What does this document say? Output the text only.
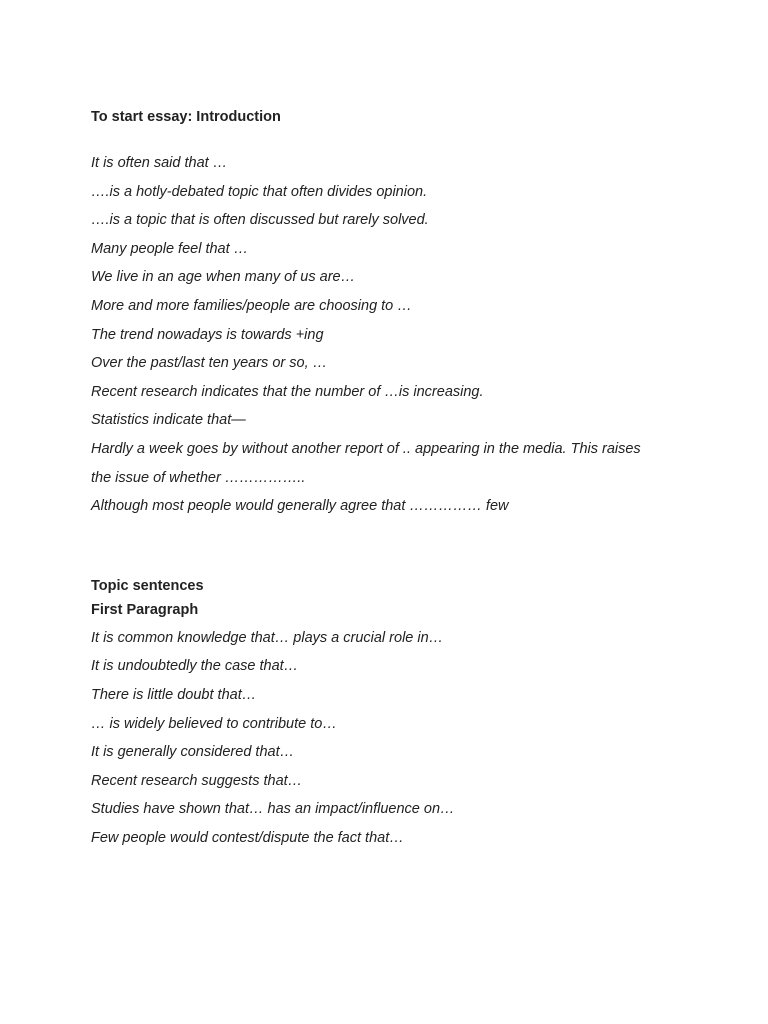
To start essay: Introduction

It is often said that …

….is a hotly-debated topic that often divides opinion.

….is a topic that is often discussed but rarely solved.

Many people feel that …

We live in an age when many of us are…

More and more families/people are choosing to …

The trend nowadays is towards +ing

Over the past/last ten years or so, …

Recent research indicates that the number of …is increasing.

Statistics indicate that—

Hardly a week goes by without another report of .. appearing in the media. This raises

the issue of whether ……………..

Although most people would generally agree that …………… few

Topic sentences
First Paragraph

It is common knowledge that… plays a crucial role in…

It is undoubtedly the case that…

There is little doubt that…

… is widely believed to contribute to…

It is generally considered that…

Recent research suggests that…

Studies have shown that… has an impact/influence on…

Few people would contest/dispute the fact that…
